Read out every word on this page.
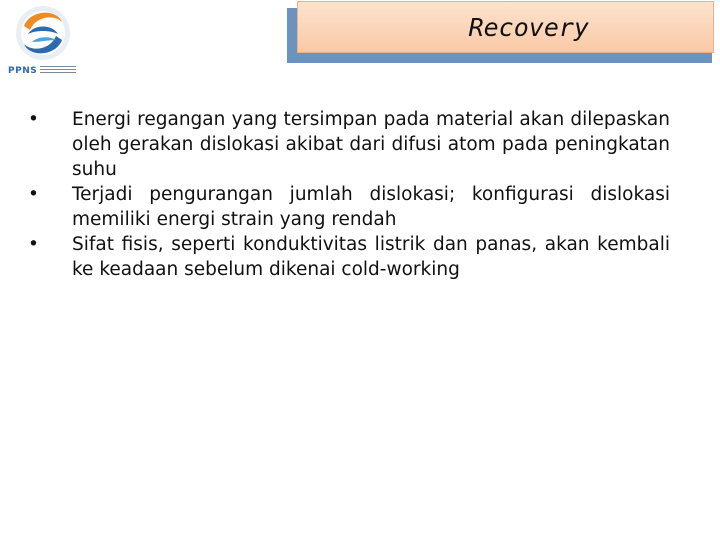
PPNS
Recovery
•	Energi regangan yang tersimpan pada material akan dilepaskan oleh gerakan dislokasi akibat dari difusi atom pada peningkatan suhu
•	Terjadi pengurangan jumlah dislokasi; konfigurasi dislokasi memiliki energi strain yang rendah
•	Sifat fisis, seperti konduktivitas listrik dan panas, akan kembali ke keadaan sebelum dikenai cold-working
